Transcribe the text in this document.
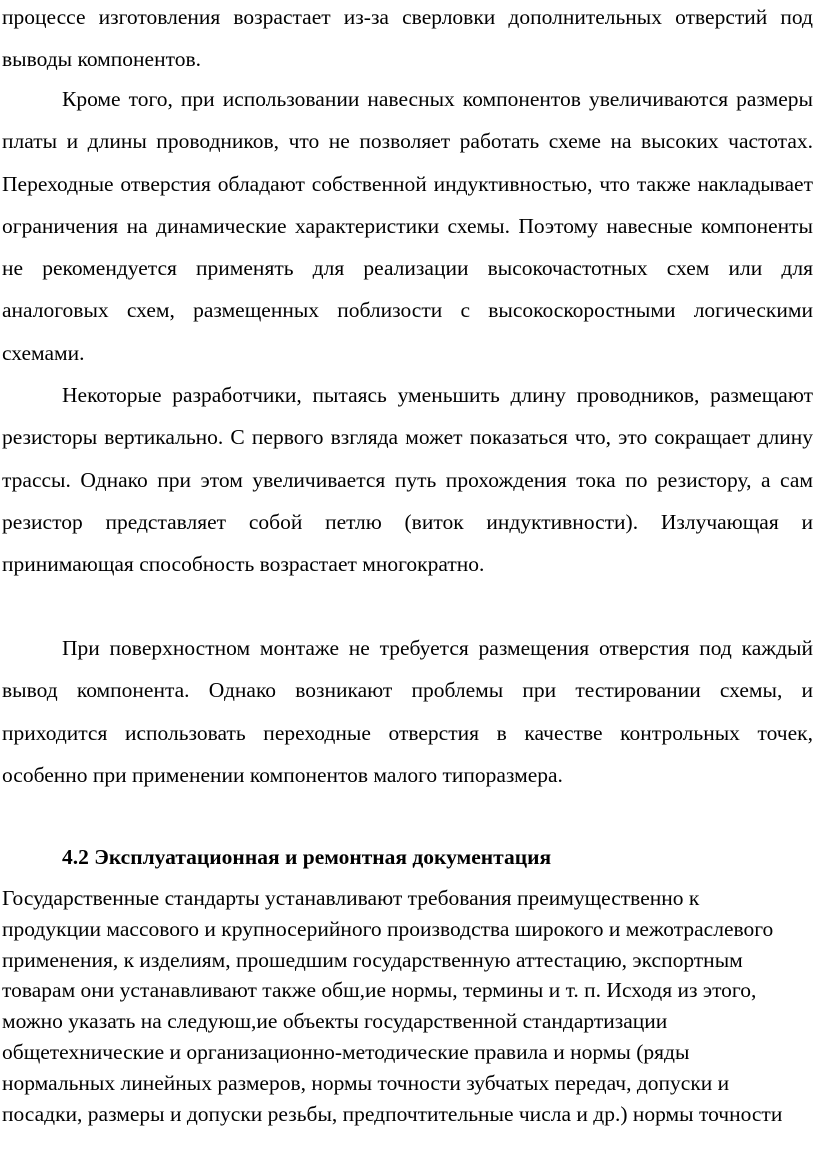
процессе изготовления возрастает из-за сверловки дополнительных отверстий под выводы компонентов.

Кроме того, при использовании навесных компонентов увеличиваются размеры платы и длины проводников, что не позволяет работать схеме на высоких частотах. Переходные отверстия обладают собственной индуктивностью, что также накладывает ограничения на динамические характеристики схемы. Поэтому навесные компоненты не рекомендуется применять для реализации высокочастотных схем или для аналоговых схем, размещенных поблизости с высокоскоростными логическими схемами.

Некоторые разработчики, пытаясь уменьшить длину проводников, размещают резисторы вертикально. С первого взгляда может показаться что, это сокращает длину трассы. Однако при этом увеличивается путь прохождения тока по резистору, а сам резистор представляет собой петлю (виток индуктивности). Излучающая и принимающая способность возрастает многократно.

При поверхностном монтаже не требуется размещения отверстия под каждый вывод компонента. Однако возникают проблемы при тестировании схемы, и приходится использовать переходные отверстия в качестве контрольных точек, особенно при применении компонентов малого типоразмера.

4.2 Эксплуатационная и ремонтная документация

Государственные стандарты устанавливают требования преимущественно к продукции массового и крупносерийного производства широкого и межотраслевого применения, к изделиям, прошедшим государственную аттестацию, экспортным товарам они устанавливают также обш,ие нормы, термины и т. п. Исходя из этого, можно указать на следуюш,ие объекты государственной стандартизации общетехнические и организационно-методические правила и нормы (ряды нормальных линейных размеров, нормы точности зубчатых передач, допуски и посадки, размеры и допуски резьбы, предпочтительные числа и др.) нормы точности
